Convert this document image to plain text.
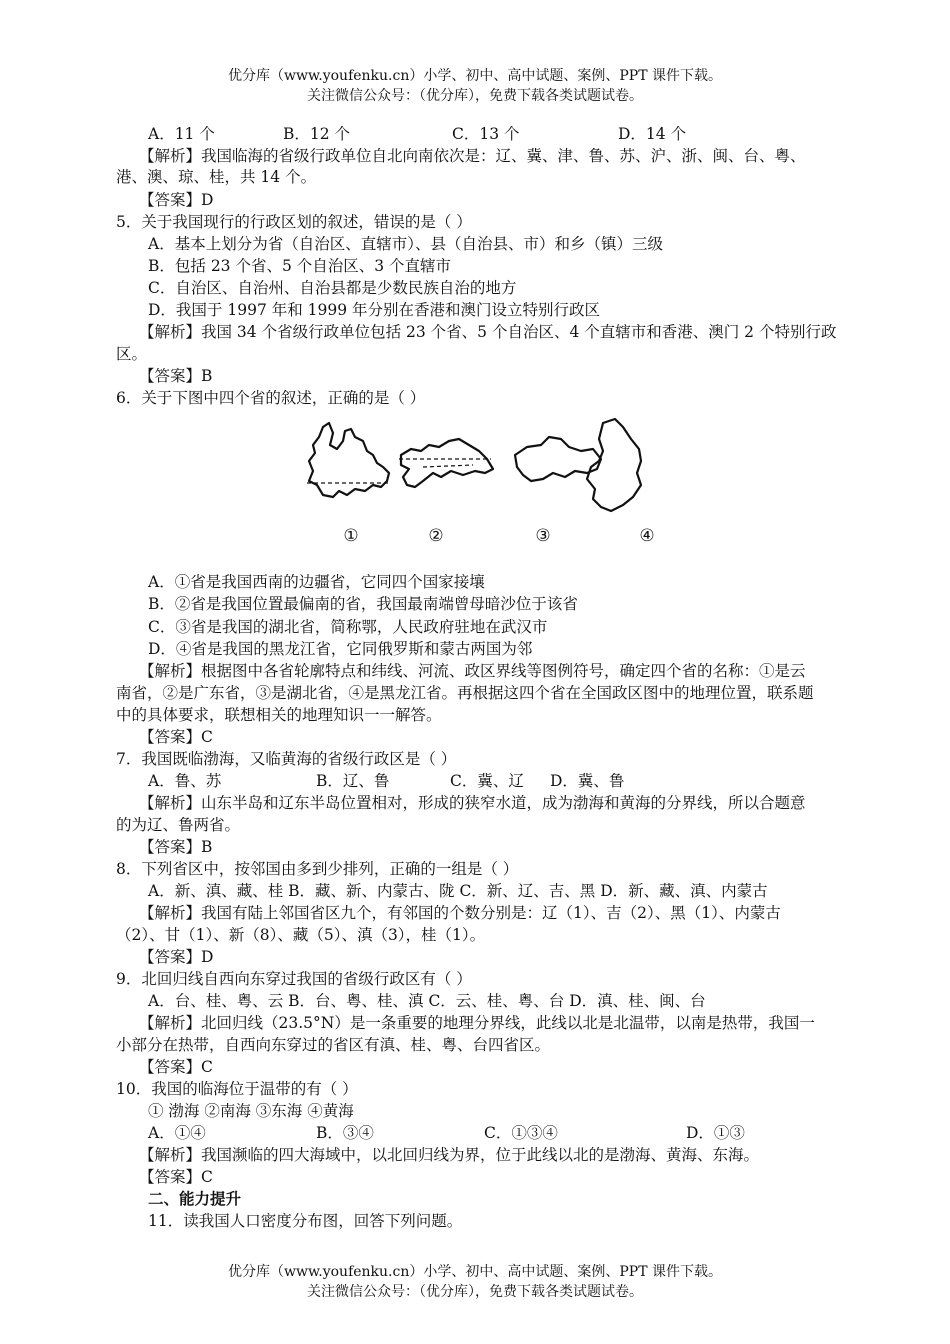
优分库（www.youfenku.cn）小学、初中、高中试题、案例、PPT 课件下载。
关注微信公众号：（优分库），免费下载各类试题试卷。
A．11 个	B．12 个	C．13 个	D．14 个
【解析】我国临海的省级行政单位自北向南依次是：辽、冀、津、鲁、苏、沪、浙、闽、台、粤、
港、澳、琼、桂，共 14 个。
【答案】D
5．关于我国现行的行政区划的叙述，错误的是（ ）
A．基本上划分为省（自治区、直辖市）、县（自治县、市）和乡（镇）三级
B．包括 23 个省、5 个自治区、3 个直辖市
C．自治区、自治州、自治县都是少数民族自治的地方
D．我国于 1997 年和 1999 年分别在香港和澳门设立特别行政区
【解析】我国 34 个省级行政单位包括 23 个省、5 个自治区、4 个直辖市和香港、澳门 2 个特别行政
区。
【答案】B
6．关于下图中四个省的叙述，正确的是（ ）
①	②	③	④
A．①省是我国西南的边疆省，它同四个国家接壤
B．②省是我国位置最偏南的省，我国最南端曾母暗沙位于该省
C．③省是我国的湖北省，简称鄂，人民政府驻地在武汉市
D．④省是我国的黑龙江省，它同俄罗斯和蒙古两国为邻
【解析】根据图中各省轮廓特点和纬线、河流、政区界线等图例符号，确定四个省的名称：①是云
南省，②是广东省，③是湖北省，④是黑龙江省。再根据这四个省在全国政区图中的地理位置，联系题
中的具体要求，联想相关的地理知识一一解答。
【答案】C
7．我国既临渤海，又临黄海的省级行政区是（ ）
A．鲁、苏	B．辽、鲁	C．冀、辽 D．冀、鲁
【解析】山东半岛和辽东半岛位置相对，形成的狭窄水道，成为渤海和黄海的分界线，所以合题意
的为辽、鲁两省。
【答案】B
8．下列省区中，按邻国由多到少排列，正确的一组是（ ）
A．新、滇、藏、桂 B．藏、新、内蒙古、陇 C．新、辽、吉、黑 D．新、藏、滇、内蒙古
【解析】我国有陆上邻国省区九个，有邻国的个数分别是：辽（1）、吉（2）、黑（1）、内蒙古
（2）、甘（1）、新（8）、藏（5）、滇（3），桂（1）。
【答案】D
9．北回归线自西向东穿过我国的省级行政区有（ ）
A．台、桂、粤、云 B．台、粤、桂、滇 C．云、桂、粤、台 D．滇、桂、闽、台
【解析】北回归线（23.5°N）是一条重要的地理分界线，此线以北是北温带，以南是热带，我国一
小部分在热带，自西向东穿过的省区有滇、桂、粤、台四省区。
【答案】C
10．我国的临海位于温带的有（ ）
① 渤海 ②南海 ③东海 ④黄海
A．①④	B．③④	C．①③④	D．①③
【解析】我国濒临的四大海域中，以北回归线为界，位于此线以北的是渤海、黄海、东海。
【答案】C
二、能力提升
11．读我国人口密度分布图，回答下列问题。
优分库（www.youfenku.cn）小学、初中、高中试题、案例、PPT 课件下载。
关注微信公众号：（优分库），免费下载各类试题试卷。
